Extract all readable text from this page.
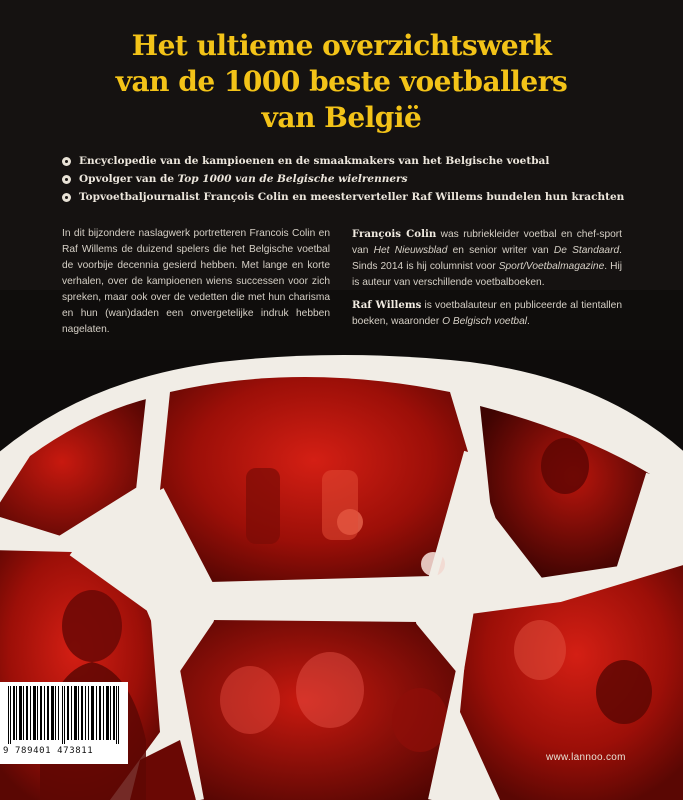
Het ultieme overzichtswerk
van de 1000 beste voetballers
van België
Encyclopedie van de kampioenen en de smaakmakers van het Belgische voetbal
Opvolger van de Top 1000 van de Belgische wielrenners
Topvoetbaljournalist François Colin en meesterverteller Raf Willems bundelen hun krachten

In dit bijzondere naslagwerk portretteren Francois Colin en Raf Willems de duizend spelers die het Belgische voetbal de voorbije decennia gesierd hebben. Met lange en korte verhalen, over de kampioenen wiens successen voor zich spreken, maar ook over de vedetten die met hun charisma en hun (wan)daden een onvergetelijke indruk hebben nagelaten.

François Colin was rubriekleider voetbal en chef-sport van Het Nieuwsblad en senior writer van De Standaard. Sinds 2014 is hij columnist voor Sport/Voetbalmagazine. Hij is auteur van verschillende voetbalboeken.

Raf Willems is voetbalauteur en publiceerde al tientallen boeken, waaronder O Belgisch voetbal.

9 789401 473811
www.lannoo.com
